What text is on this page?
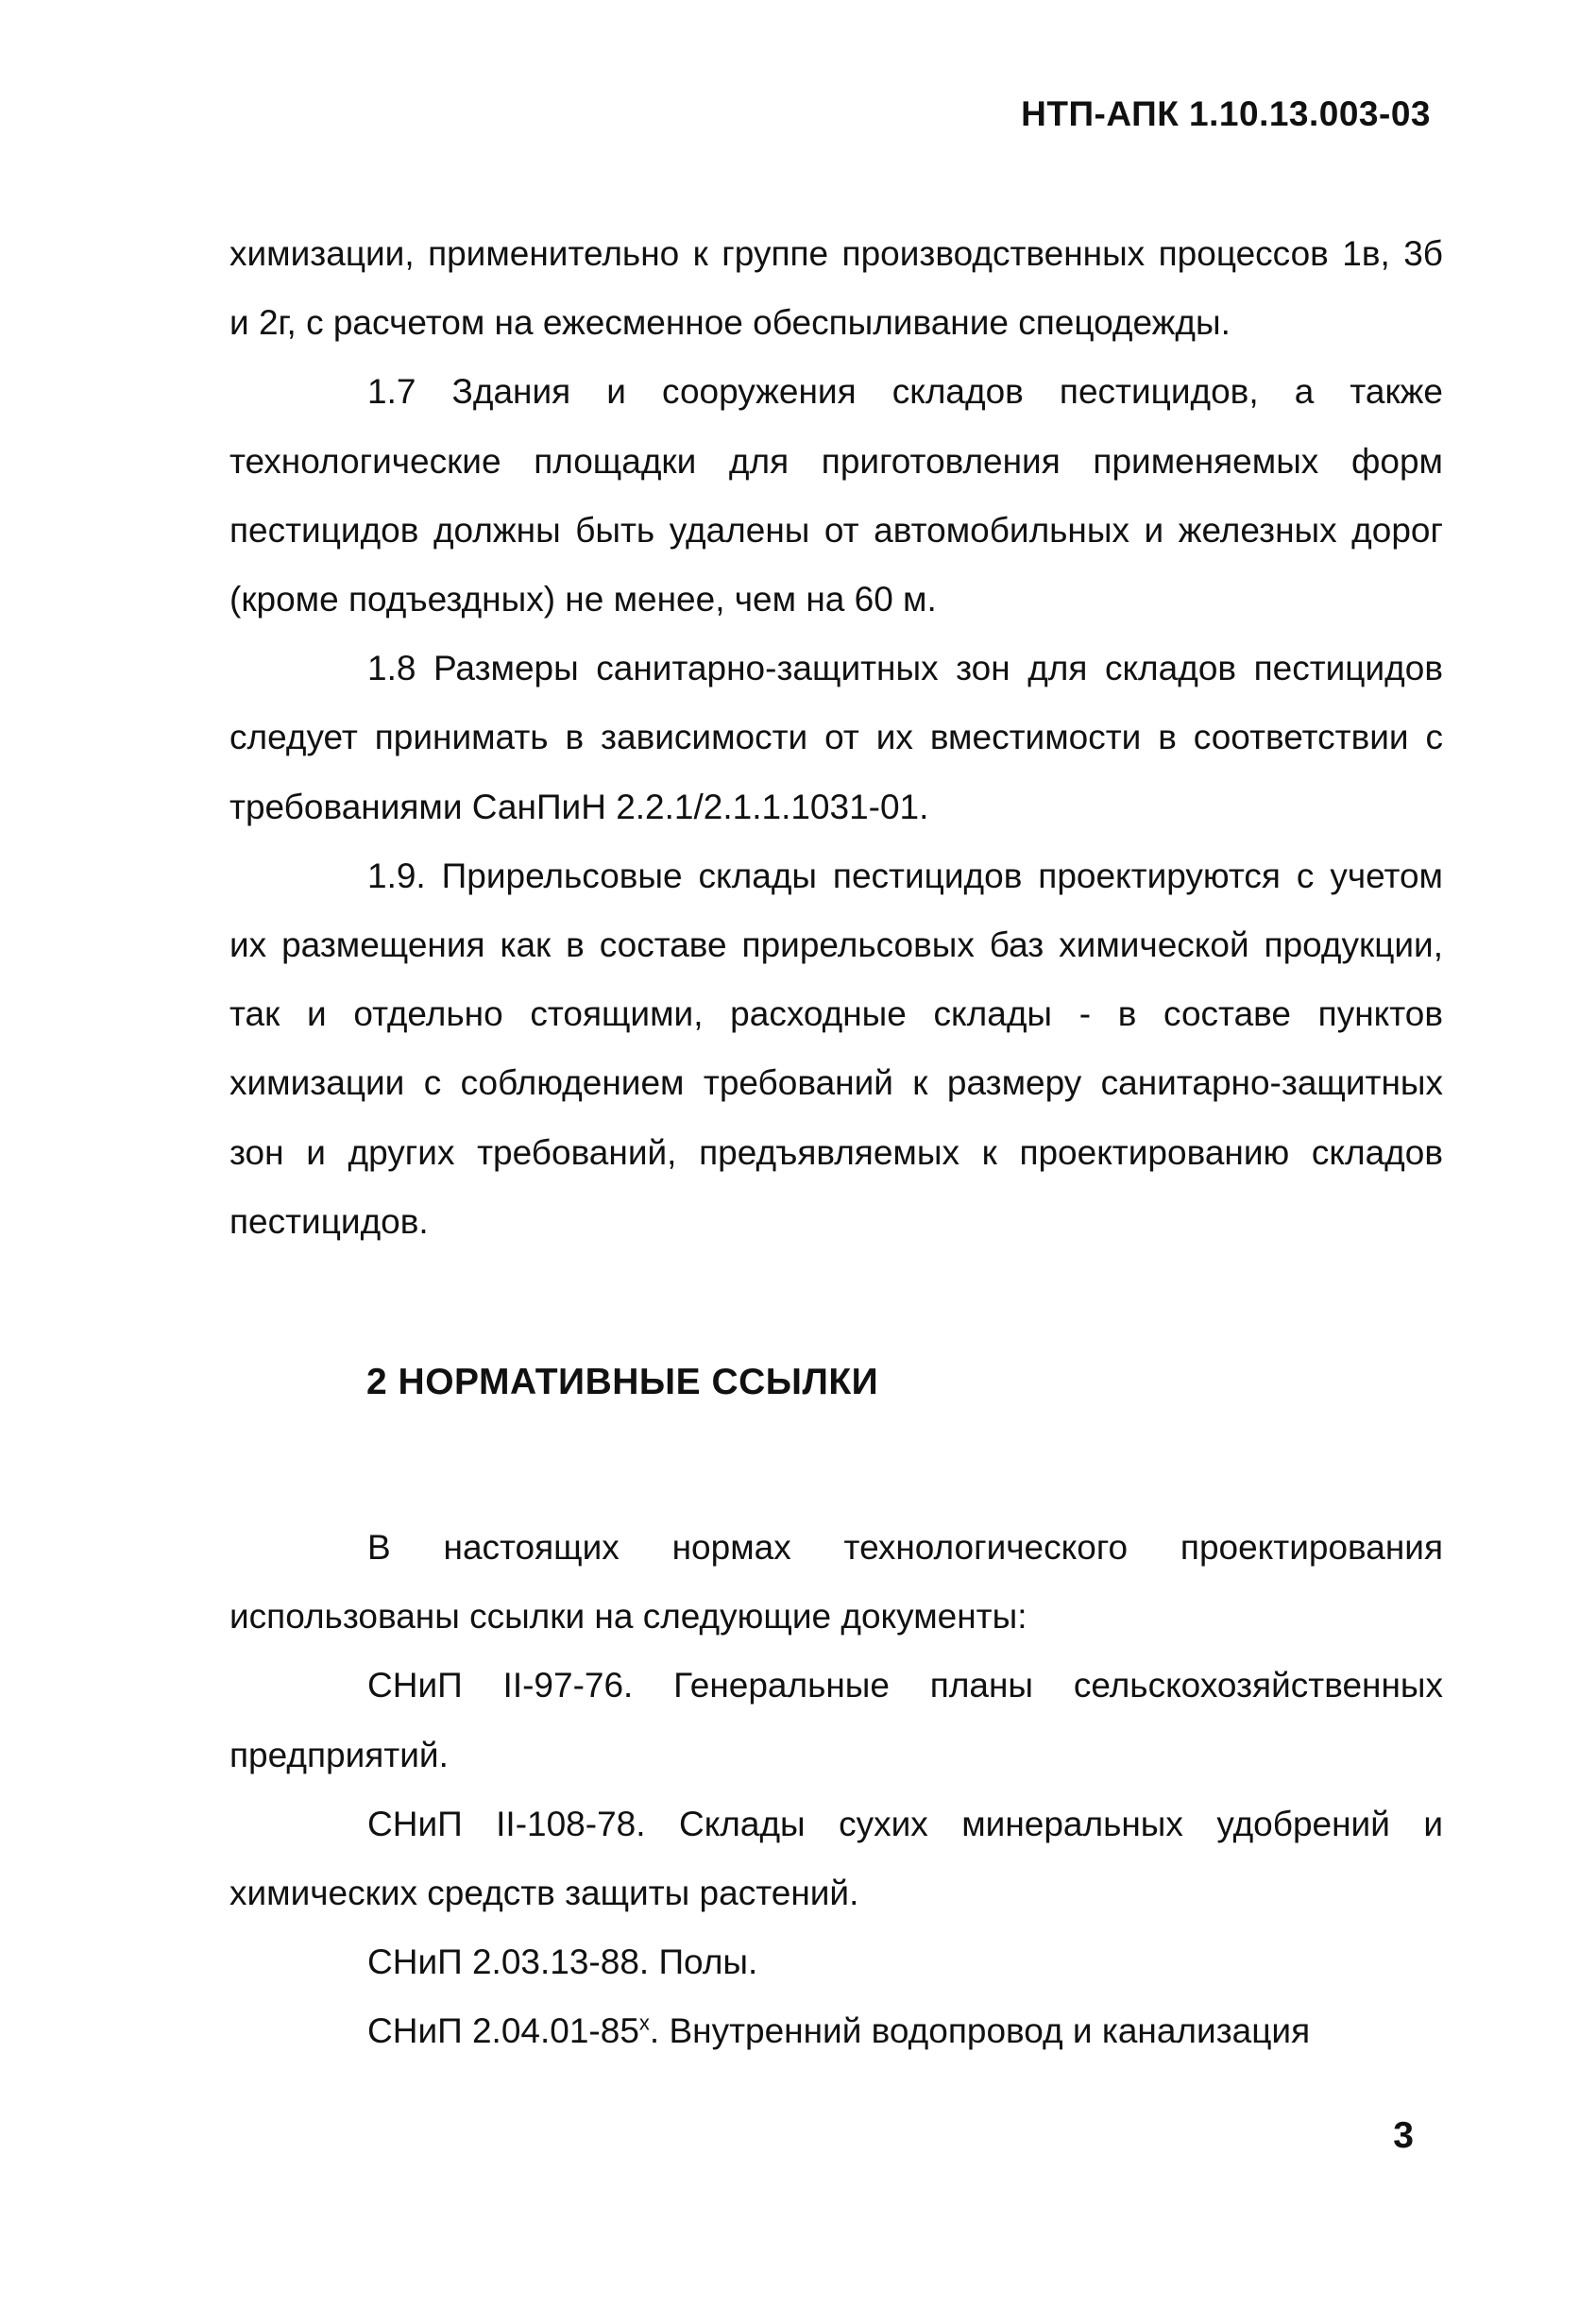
НТП-АПК 1.10.13.003-03

химизации, применительно к группе производственных процессов 1в, 3б и 2г, с расчетом на ежесменное обеспыливание спецодежды.

1.7 Здания и сооружения складов пестицидов, а также технологические площадки для приготовления применяемых форм пестицидов должны быть удалены от автомобильных и железных дорог (кроме подъездных) не менее, чем на 60 м.

1.8 Размеры санитарно-защитных зон для складов пестицидов следует принимать в зависимости от их вместимости в соответствии с требованиями СанПиН 2.2.1/2.1.1.1031-01.

1.9. Прирельсовые склады пестицидов проектируются с учетом их размещения как в составе прирельсовых баз химической продукции, так и отдельно стоящими, расходные склады - в составе пунктов химизации с соблюдением требований к размеру санитарно-защитных зон и других требований, предъявляемых к проектированию складов пестицидов.

2 НОРМАТИВНЫЕ ССЫЛКИ

В настоящих нормах технологического проектирования использованы ссылки на следующие документы:

СНиП II-97-76. Генеральные планы сельскохозяйственных предприятий.

СНиП II-108-78. Склады сухих минеральных удобрений и химических средств защиты растений.

СНиП 2.03.13-88. Полы.

СНиП $2.04.01-85^х$. Внутренний водопровод и канализация

3
